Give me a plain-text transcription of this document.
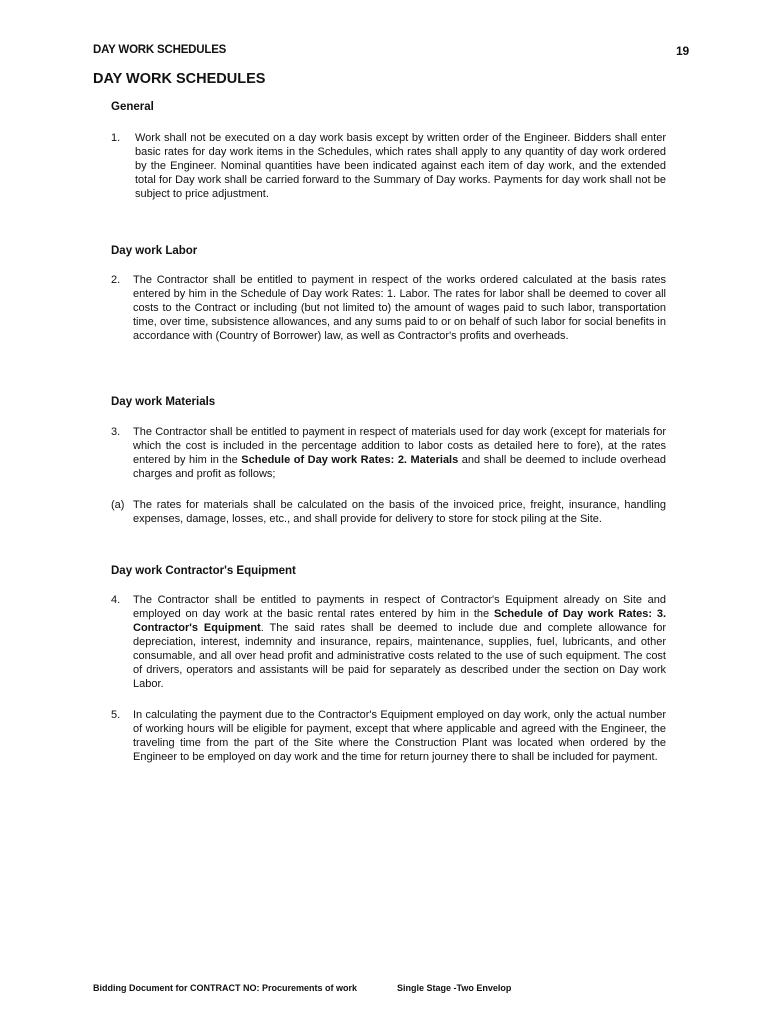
DAY WORK SCHEDULES	19
DAY WORK SCHEDULES
General
1. Work shall not be executed on a day work basis except by written order of the Engineer. Bidders shall enter basic rates for day work items in the Schedules, which rates shall apply to any quantity of day work ordered by the Engineer. Nominal quantities have been indicated against each item of day work, and the extended total for Day work shall be carried forward to the Summary of Day works. Payments for day work shall not be subject to price adjustment.
Day work Labor
2. The Contractor shall be entitled to payment in respect of the works ordered calculated at the basis rates entered by him in the Schedule of Day work Rates: 1. Labor. The rates for labor shall be deemed to cover all costs to the Contract or including (but not limited to) the amount of wages paid to such labor, transportation time, over time, subsistence allowances, and any sums paid to or on behalf of such labor for social benefits in accordance with (Country of Borrower) law, as well as Contractor's profits and overheads.
Day work Materials
3. The Contractor shall be entitled to payment in respect of materials used for day work (except for materials for which the cost is included in the percentage addition to labor costs as detailed here to fore), at the rates entered by him in the Schedule of Day work Rates: 2. Materials and shall be deemed to include overhead charges and profit as follows;
(a) The rates for materials shall be calculated on the basis of the invoiced price, freight, insurance, handling expenses, damage, losses, etc., and shall provide for delivery to store for stock piling at the Site.
Day work Contractor's Equipment
4. The Contractor shall be entitled to payments in respect of Contractor's Equipment already on Site and employed on day work at the basic rental rates entered by him in the Schedule of Day work Rates: 3. Contractor's Equipment. The said rates shall be deemed to include due and complete allowance for depreciation, interest, indemnity and insurance, repairs, maintenance, supplies, fuel, lubricants, and other consumable, and all over head profit and administrative costs related to the use of such equipment. The cost of drivers, operators and assistants will be paid for separately as described under the section on Day work Labor.
5. In calculating the payment due to the Contractor's Equipment employed on day work, only the actual number of working hours will be eligible for payment, except that where applicable and agreed with the Engineer, the traveling time from the part of the Site where the Construction Plant was located when ordered by the Engineer to be employed on day work and the time for return journey there to shall be included for payment.
Bidding Document for CONTRACT NO: Procurements of work	Single Stage -Two Envelop
